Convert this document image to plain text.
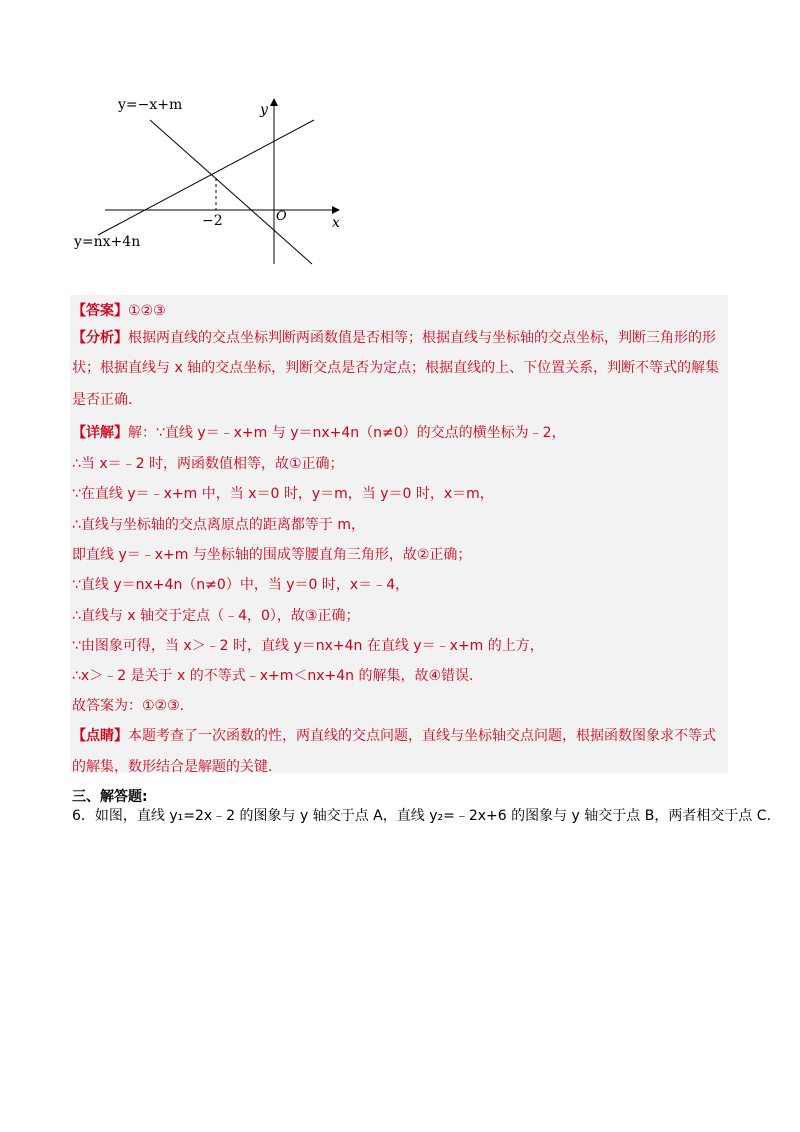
y=−x+m
y=nx+4n
y
x
O
−2
【答案】①②③
【分析】根据两直线的交点坐标判断两函数值是否相等；根据直线与坐标轴的交点坐标，判断三角形的形
状；根据直线与 x 轴的交点坐标，判断交点是否为定点；根据直线的上、下位置关系，判断不等式的解集
是否正确.
【详解】解：∵直线 y＝﹣x+m 与 y＝nx+4n（n≠0）的交点的横坐标为﹣2，
∴当 x＝﹣2 时，两函数值相等，故①正确；
∵在直线 y＝﹣x+m 中，当 x＝0 时，y＝m，当 y＝0 时，x＝m，
∴直线与坐标轴的交点离原点的距离都等于 m，
即直线 y＝﹣x+m 与坐标轴的围成等腰直角三角形，故②正确；
∵直线 y＝nx+4n（n≠0）中，当 y＝0 时，x＝﹣4，
∴直线与 x 轴交于定点（﹣4，0），故③正确；
∵由图象可得，当 x＞﹣2 时，直线 y＝nx+4n 在直线 y＝﹣x+m 的上方，
∴x＞﹣2 是关于 x 的不等式﹣x+m＜nx+4n 的解集，故④错误.
故答案为：①②③.
【点睛】本题考查了一次函数的性，两直线的交点问题，直线与坐标轴交点问题，根据函数图象求不等式
的解集，数形结合是解题的关键.
三、解答题:
6．如图，直线 y₁=2x﹣2 的图象与 y 轴交于点 A，直线 y₂=﹣2x+6 的图象与 y 轴交于点 B，两者相交于点 C.
